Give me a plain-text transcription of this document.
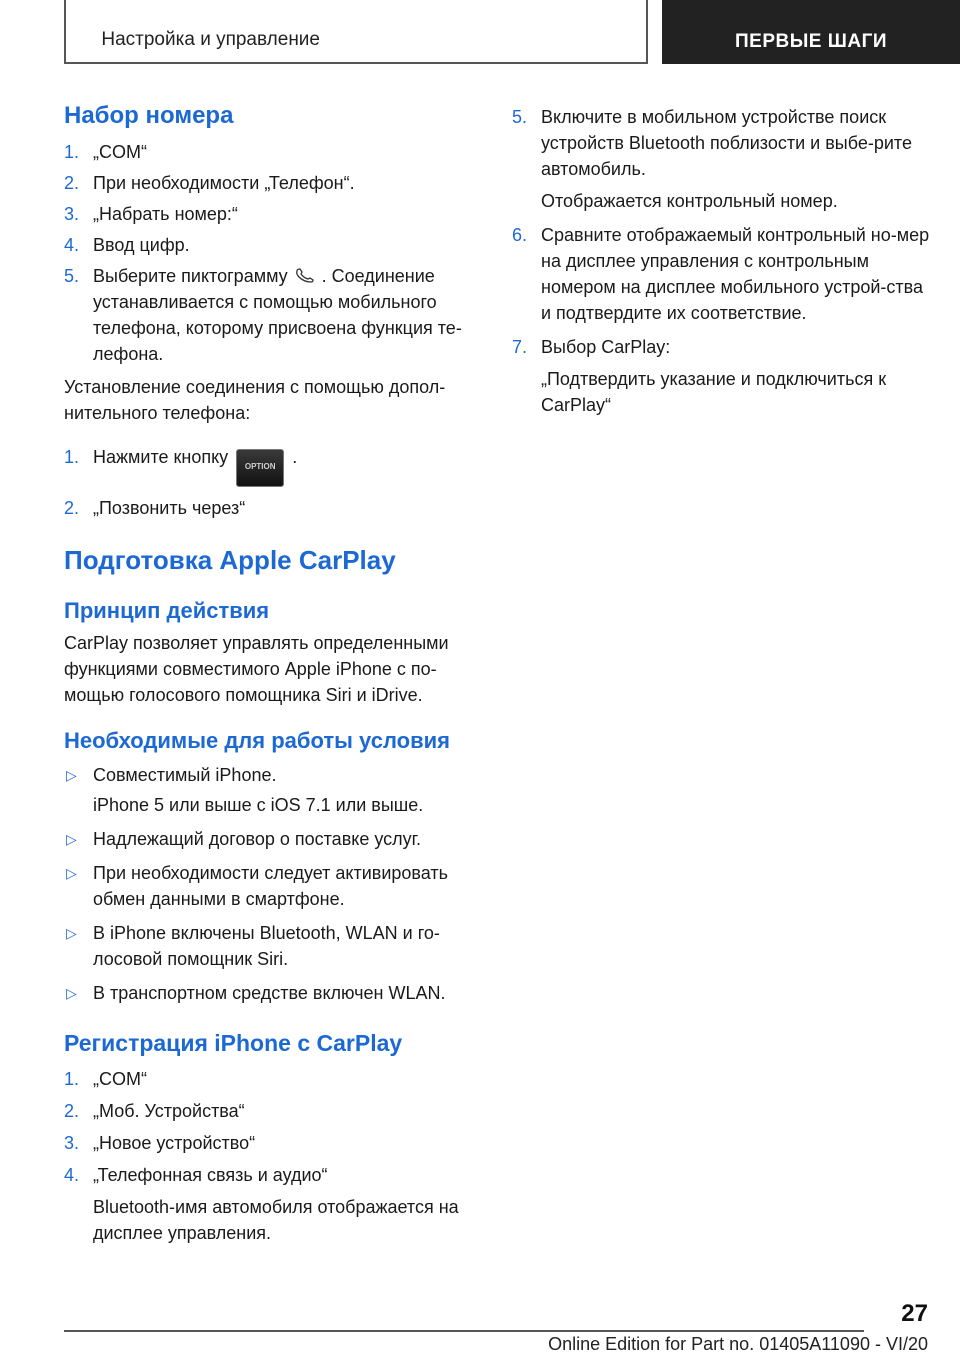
Настройка и управление	ПЕРВЫЕ ШАГИ
Набор номера
1. „COM“
2. При необходимости „Телефон“.
3. „Набрать номер:“
4. Ввод цифр.
5. Выберите пиктограмму . Соединение устанавливается с помощью мобильного телефона, которому присвоена функция те-лефона.

Установление соединения с помощью допол-нительного телефона:

1. Нажмите кнопку OPTION .
2. „Позвонить через“
Подготовка Apple CarPlay
Принцип действия

CarPlay позволяет управлять определенными функциями совместимого Apple iPhone с по-мощью голосового помощника Siri и iDrive.

Необходимые для работы условия
▷ Совместимый iPhone.
iPhone 5 или выше с iOS 7.1 или выше.
▷ Надлежащий договор о поставке услуг.
▷ При необходимости следует активировать обмен данными в смартфоне.
▷ В iPhone включены Bluetooth, WLAN и го-лосовой помощник Siri.
▷ В транспортном средстве включен WLAN.
Регистрация iPhone с CarPlay
1. „COM“
2. „Моб. Устройства“
3. „Новое устройство“
4. „Телефонная связь и аудио“
Bluetooth-имя автомобиля отображается на дисплее управления.
5. Включите в мобильном устройстве поиск устройств Bluetooth поблизости и выбе-рите автомобиль.
Отображается контрольный номер.
6. Сравните отображаемый контрольный но-мер на дисплее управления с контрольным номером на дисплее мобильного устрой-ства и подтвердите их соответствие.
7. Выбор CarPlay:
„Подтвердить указание и подключиться к CarPlay“
27
Online Edition for Part no. 01405A11090 - VI/20
